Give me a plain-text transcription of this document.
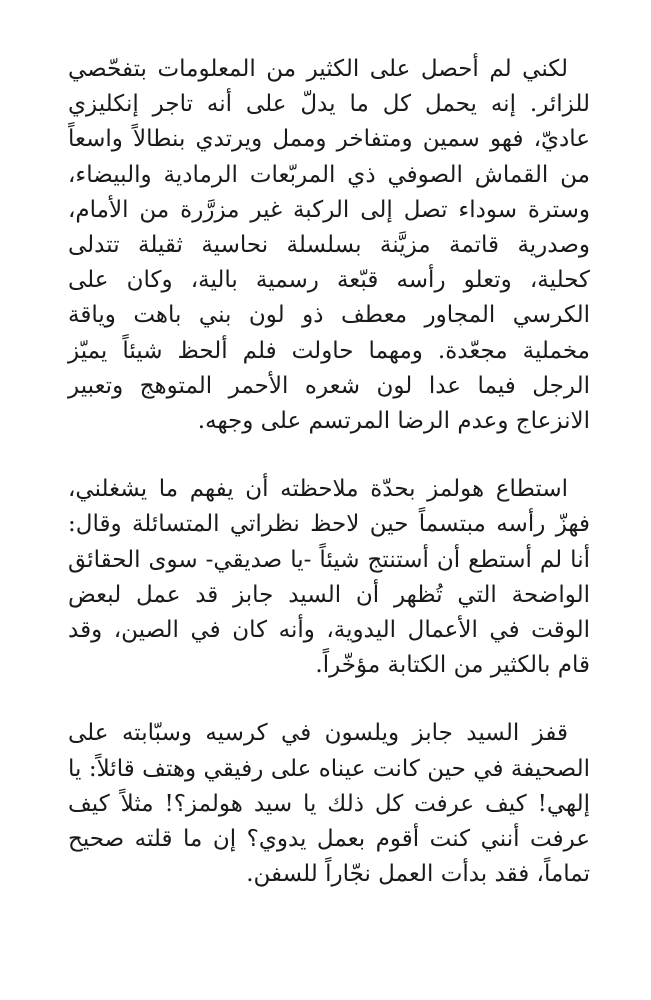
لكني لم أحصل على الكثير من المعلومات بتفحّصي للزائر. إنه يحمل كل ما يدلّ على أنه تاجر إنكليزي عاديّ، فهو سمين ومتفاخر وممل ويرتدي بنطالاً واسعاً من القماش الصوفي ذي المربّعات الرمادية والبيضاء، وسترة سوداء تصل إلى الركبة غير مزرَّرة من الأمام، وصدرية قاتمة مزيَّنة بسلسلة نحاسية ثقيلة تتدلى كحلية، وتعلو رأسه قبّعة رسمية بالية، وكان على الكرسي المجاور معطف ذو لون بني باهت وياقة مخملية مجعّدة. ومهما حاولت فلم ألحظ شيئاً يميّز الرجل فيما عدا لون شعره الأحمر المتوهج وتعبير الانزعاج وعدم الرضا المرتسم على وجهه.

استطاع هولمز بحدّة ملاحظته أن يفهم ما يشغلني، فهزّ رأسه مبتسماً حين لاحظ نظراتي المتسائلة وقال: أنا لم أستطع أن أستنتج شيئاً -يا صديقي- سوى الحقائق الواضحة التي تُظهر أن السيد جابز قد عمل لبعض الوقت في الأعمال اليدوية، وأنه كان في الصين، وقد قام بالكثير من الكتابة مؤخّراً.

قفز السيد جابز ويلسون في كرسيه وسبّابته على الصحيفة في حين كانت عيناه على رفيقي وهتف قائلاً: يا إلهي! كيف عرفت كل ذلك يا سيد هولمز؟! مثلاً كيف عرفت أنني كنت أقوم بعمل يدوي؟ إن ما قلته صحيح تماماً، فقد بدأت العمل نجّاراً للسفن.
